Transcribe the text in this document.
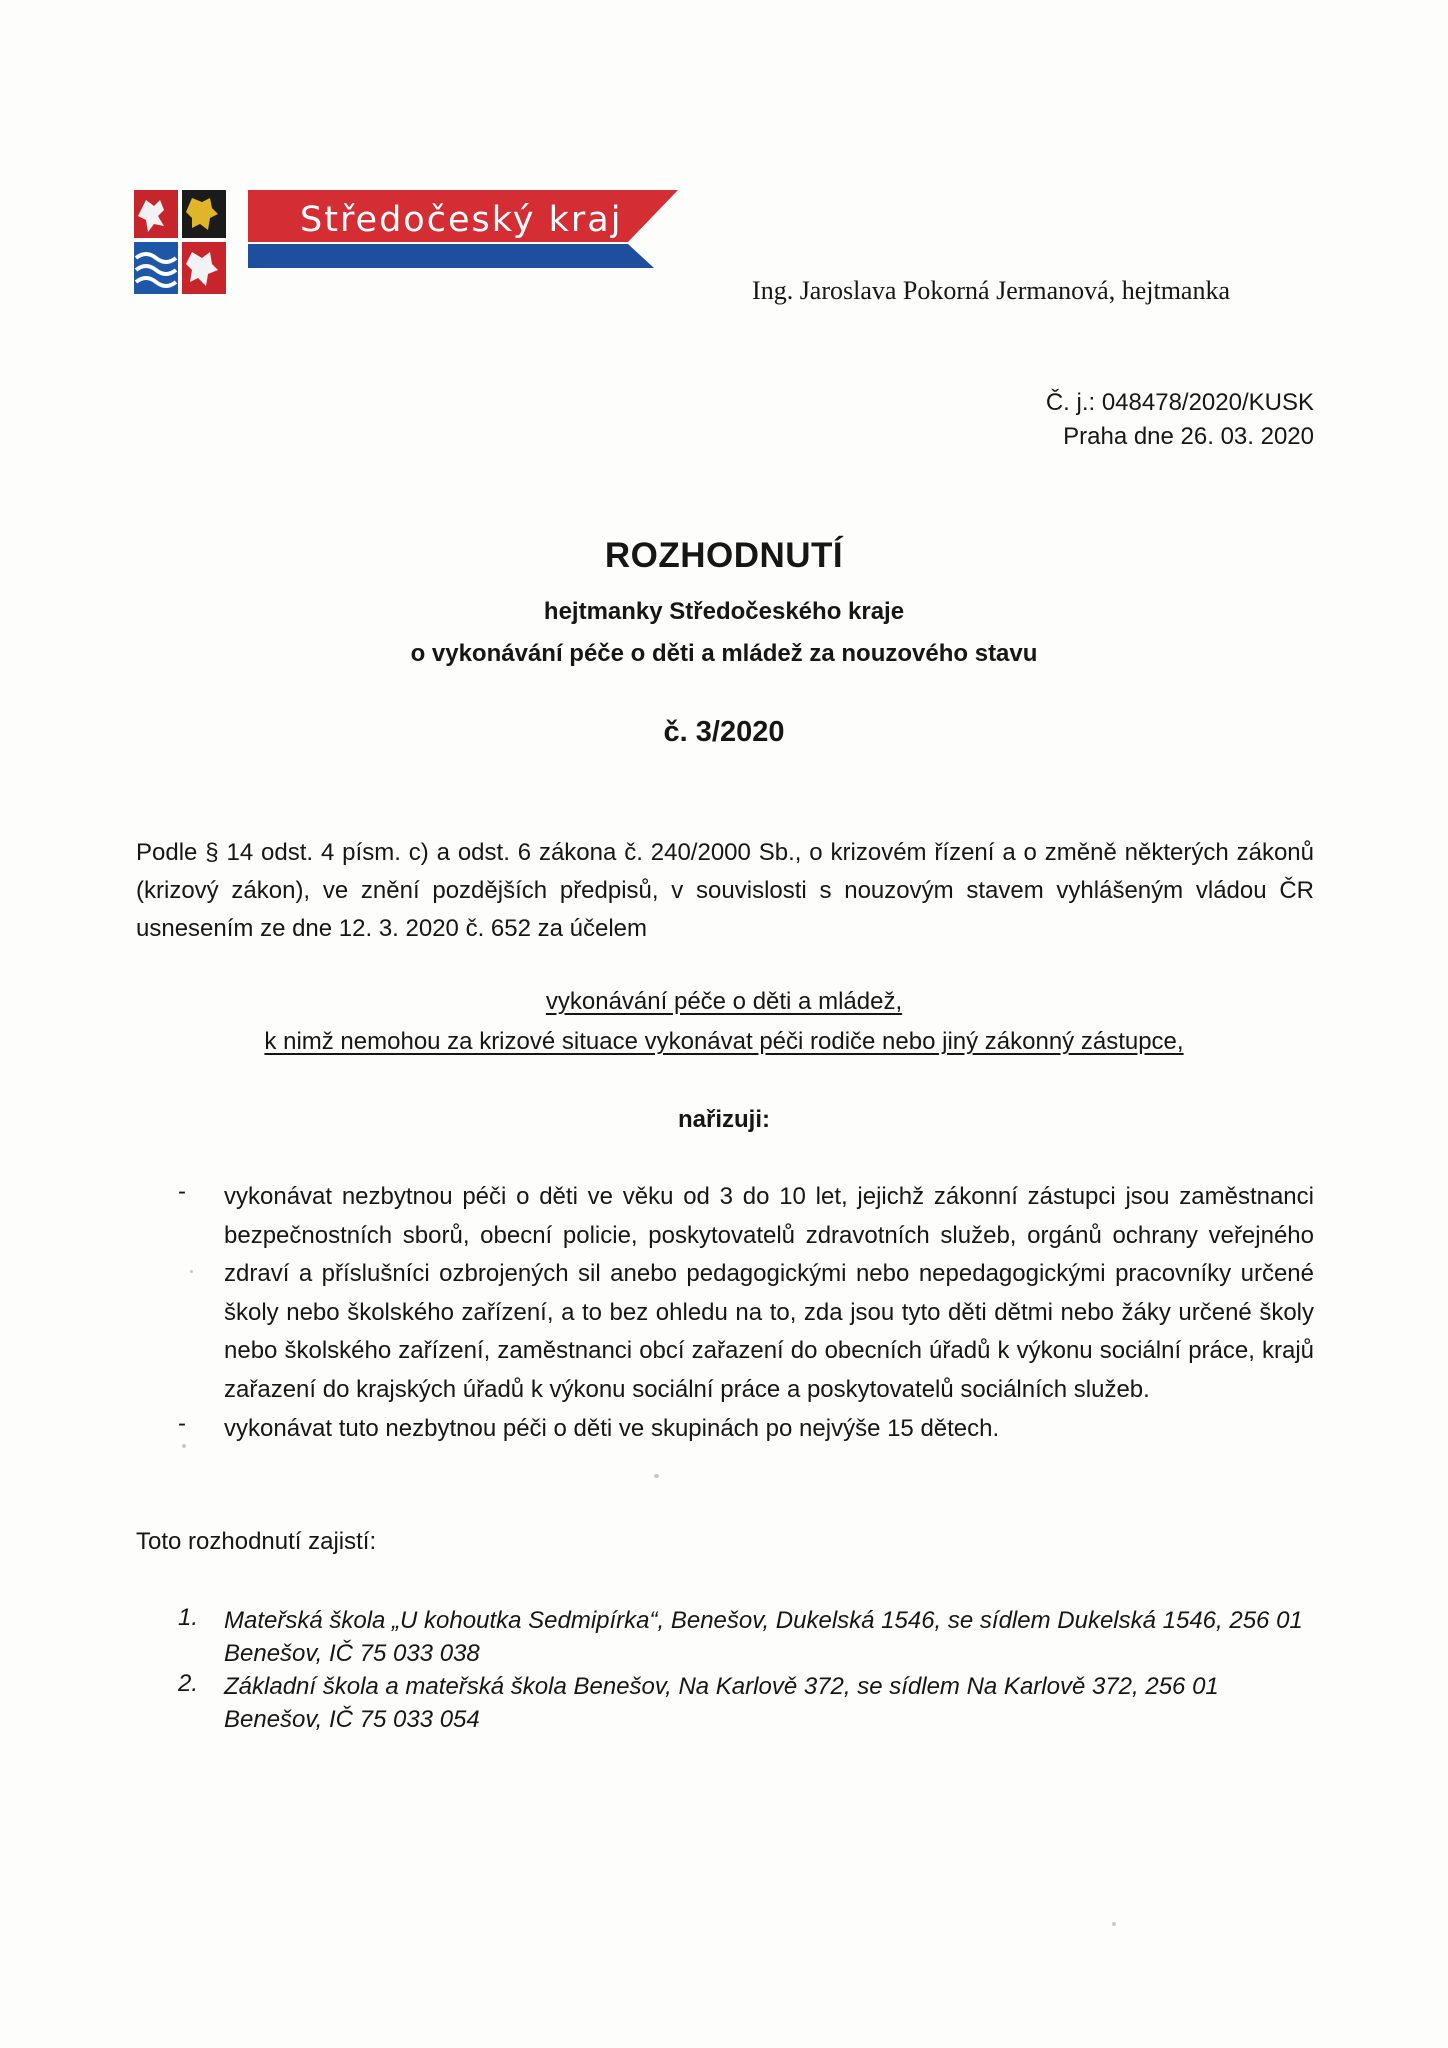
Středočeský kraj
Ing. Jaroslava Pokorná Jermanová, hejtmanka
Č. j.: 048478/2020/KUSK
Praha dne 26. 03. 2020
ROZHODNUTÍ
hejtmanky Středočeského kraje
o vykonávání péče o děti a mládež za nouzového stavu
č. 3/2020
Podle § 14 odst. 4 písm. c) a odst. 6 zákona č. 240/2000 Sb., o krizovém řízení a o změně některých zákonů (krizový zákon), ve znění pozdějších předpisů, v souvislosti s nouzovým stavem vyhlášeným vládou ČR usnesením ze dne 12. 3. 2020 č. 652 za účelem
vykonávání péče o děti a mládež,
k nimž nemohou za krizové situace vykonávat péči rodiče nebo jiný zákonný zástupce,
nařizuji:
- vykonávat nezbytnou péči o děti ve věku od 3 do 10 let, jejichž zákonní zástupci jsou zaměstnanci bezpečnostních sborů, obecní policie, poskytovatelů zdravotních služeb, orgánů ochrany veřejného zdraví a příslušníci ozbrojených sil anebo pedagogickými nebo nepedagogickými pracovníky určené školy nebo školského zařízení, a to bez ohledu na to, zda jsou tyto děti dětmi nebo žáky určené školy nebo školského zařízení, zaměstnanci obcí zařazení do obecních úřadů k výkonu sociální práce, krajů zařazení do krajských úřadů k výkonu sociální práce a poskytovatelů sociálních služeb.
- vykonávat tuto nezbytnou péči o děti ve skupinách po nejvýše 15 dětech.
Toto rozhodnutí zajistí:
1. Mateřská škola „U kohoutka Sedmipírka“, Benešov, Dukelská 1546, se sídlem Dukelská 1546, 256 01 Benešov, IČ 75 033 038
2. Základní škola a mateřská škola Benešov, Na Karlově 372, se sídlem Na Karlově 372, 256 01 Benešov, IČ 75 033 054
